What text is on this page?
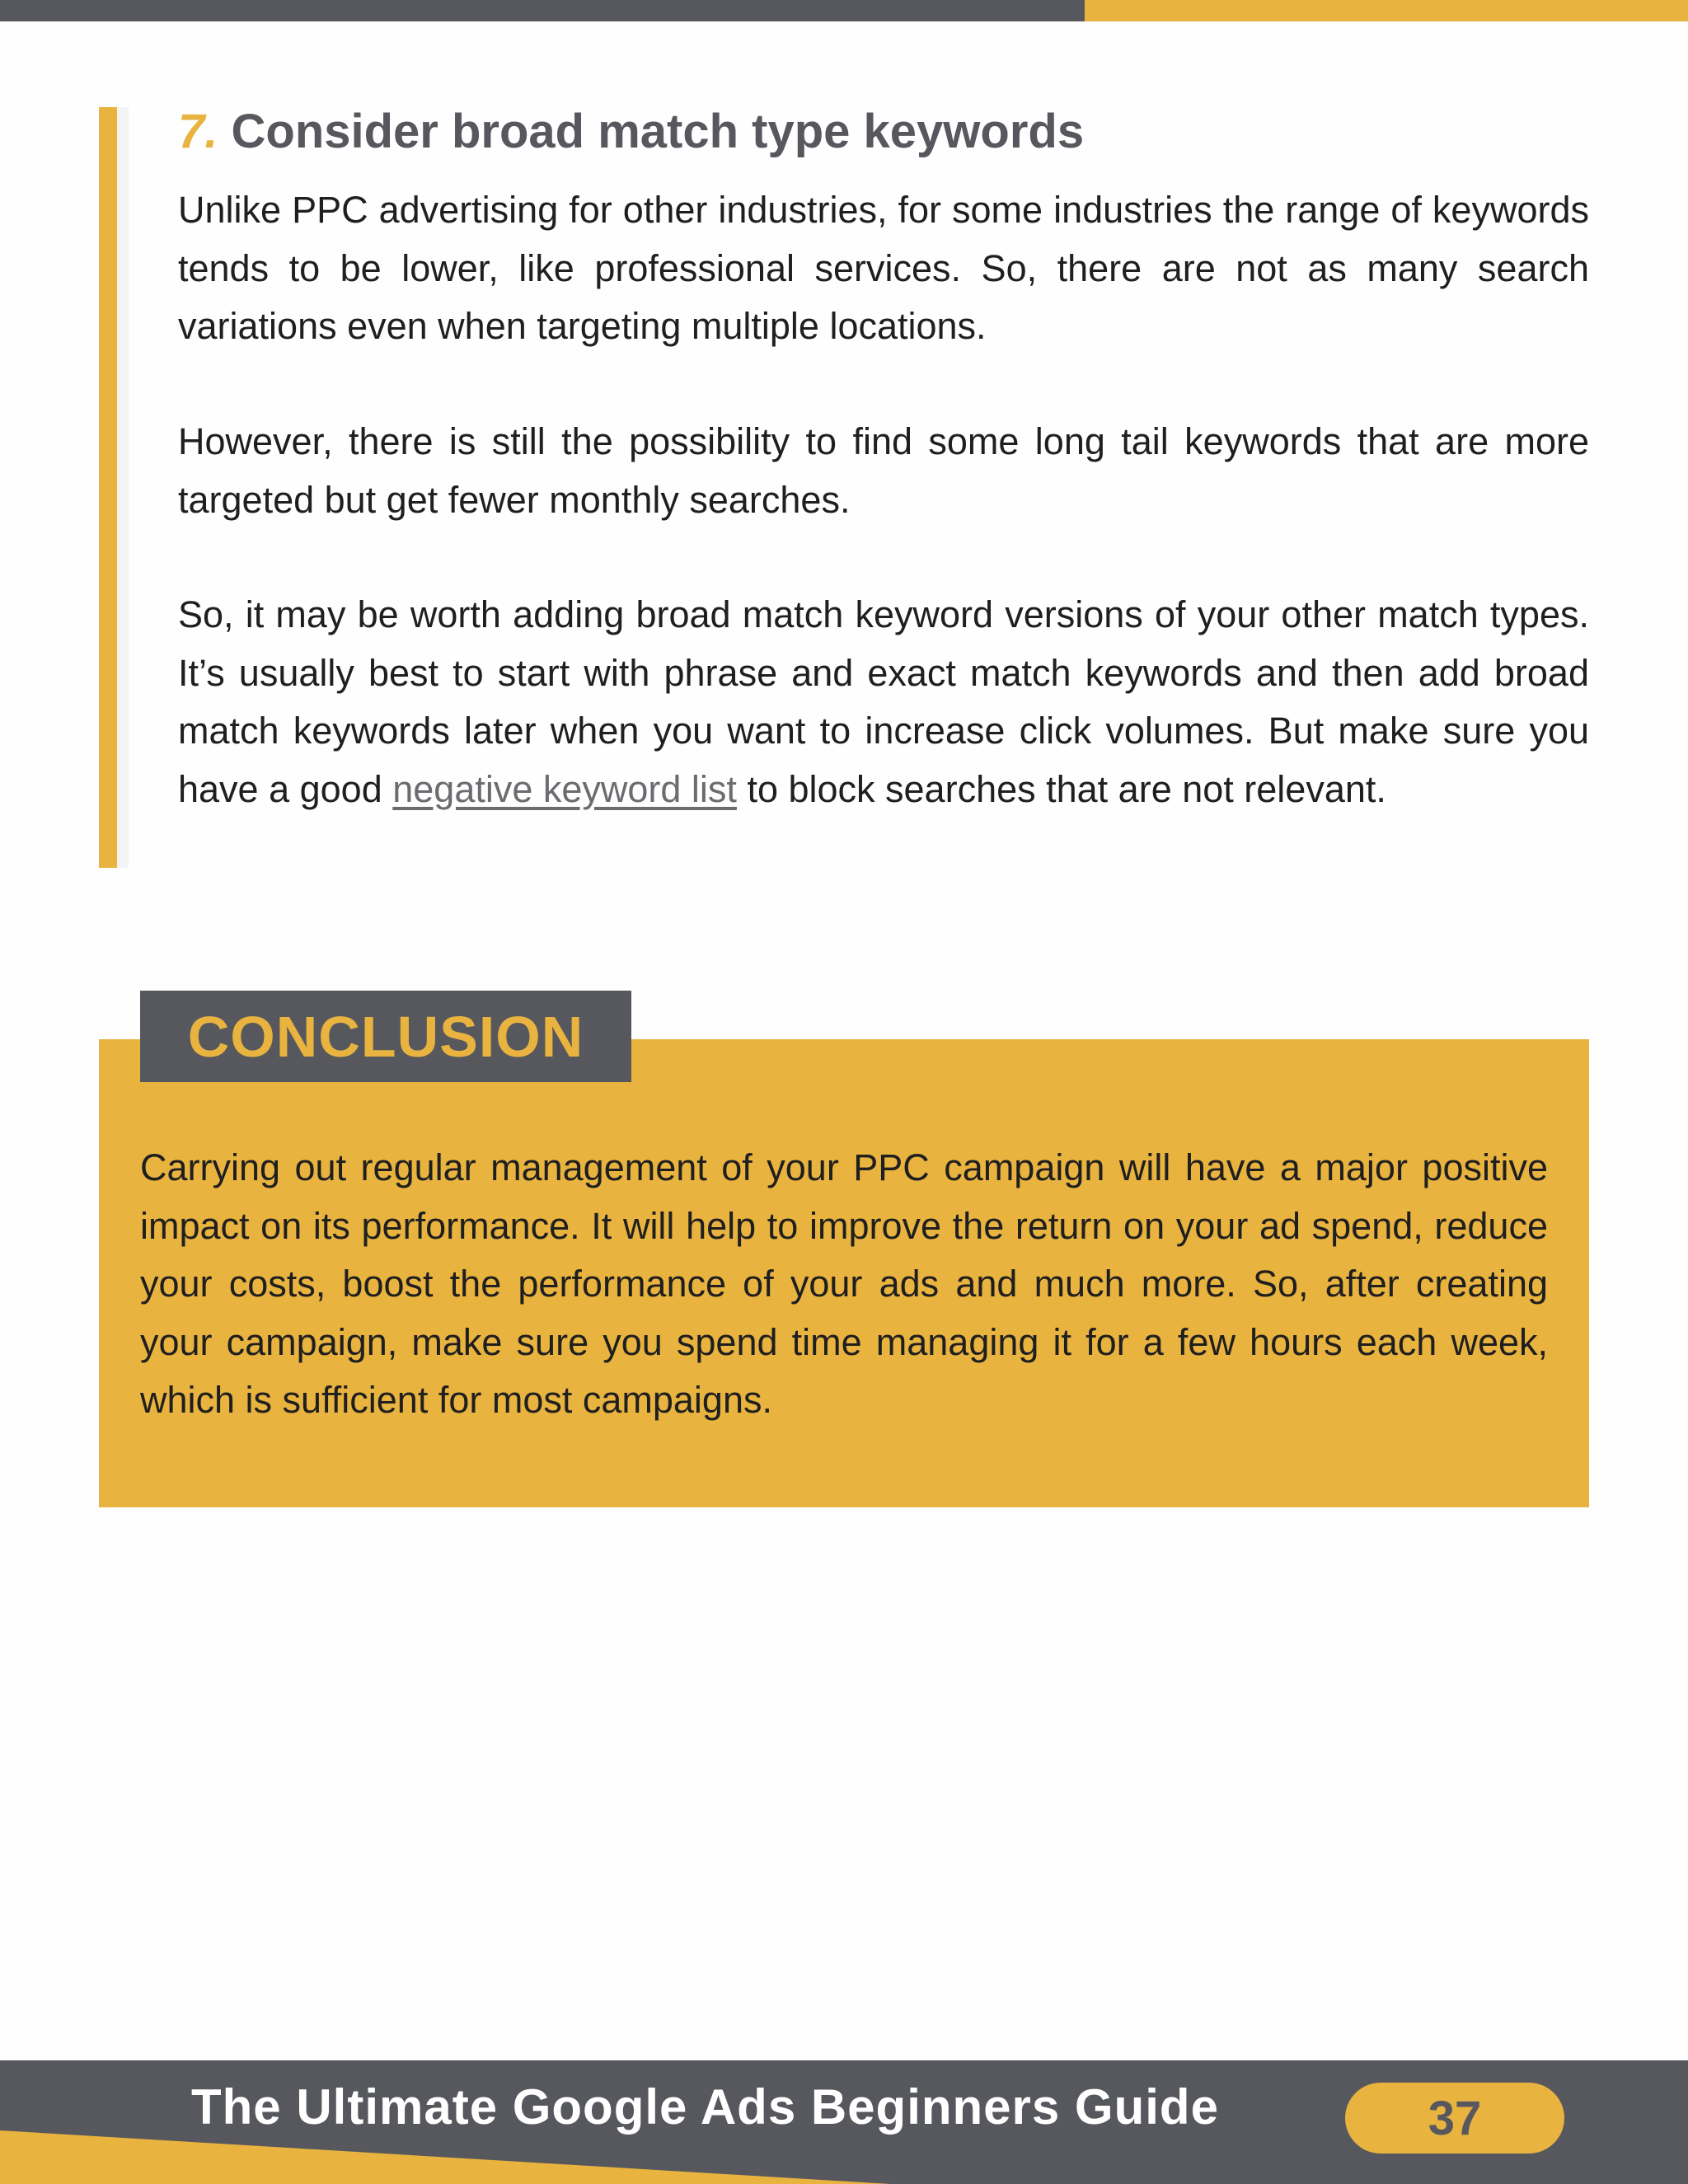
7. Consider broad match type keywords

Unlike PPC advertising for other industries, for some industries the range of keywords tends to be lower, like professional services. So, there are not as many search variations even when targeting multiple locations.

However, there is still the possibility to find some long tail keywords that are more targeted but get fewer monthly searches.

So, it may be worth adding broad match keyword versions of your other match types. It’s usually best to start with phrase and exact match keywords and then add broad match keywords later when you want to increase click volumes. But make sure you have a good negative keyword list to block searches that are not relevant.

CONCLUSION

Carrying out regular management of your PPC campaign will have a major positive impact on its performance. It will help to improve the return on your ad spend, reduce your costs, boost the performance of your ads and much more. So, after creating your campaign, make sure you spend time managing it for a few hours each week, which is sufficient for most campaigns.

The Ultimate Google Ads Beginners Guide	37
